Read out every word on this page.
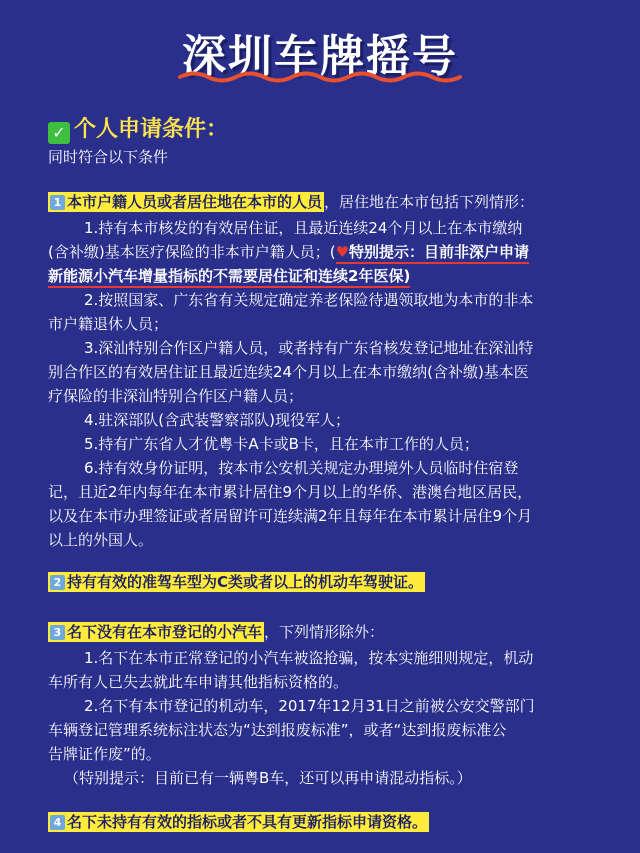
深圳车牌摇号
✓ 个人申请条件：
同时符合以下条件
1 本市户籍人员或者居住地在本市的人员 ，居住地在本市包括下列情形：
1.持有本市核发的有效居住证，且最近连续24个月以上在本市缴纳
(含补缴)基本医疗保险的非本市户籍人员；(♥特别提示：目前非深户申请
新能源小汽车增量指标的不需要居住证和连续2年医保)
2.按照国家、广东省有关规定确定养老保险待遇领取地为本市的非本
市户籍退休人员；
3.深汕特别合作区户籍人员，或者持有广东省核发登记地址在深汕特
别合作区的有效居住证且最近连续24个月以上在本市缴纳(含补缴)基本医
疗保险的非深汕特别合作区户籍人员；
4.驻深部队(含武装警察部队)现役军人；
5.持有广东省人才优粤卡A卡或B卡，且在本市工作的人员；
6.持有效身份证明，按本市公安机关规定办理境外人员临时住宿登
记，且近2年内每年在本市累计居住9个月以上的华侨、港澳台地区居民，
以及在本市办理签证或者居留许可连续满2年且每年在本市累计居住9个月
以上的外国人。
2 持有有效的准驾车型为C类或者以上的机动车驾驶证。
3 名下没有在本市登记的小汽车 ，下列情形除外：
1.名下在本市正常登记的小汽车被盗抢骗，按本实施细则规定，机动
车所有人已失去就此车申请其他指标资格的。
2.名下有本市登记的机动车，2017年12月31日之前被公安交警部门
车辆登记管理系统标注状态为“达到报废标准”，或者“达到报废标准公
告牌证作废”的。
（特别提示：目前已有一辆粤B车，还可以再申请混动指标。）
4 名下未持有有效的指标或者不具有更新指标申请资格。
